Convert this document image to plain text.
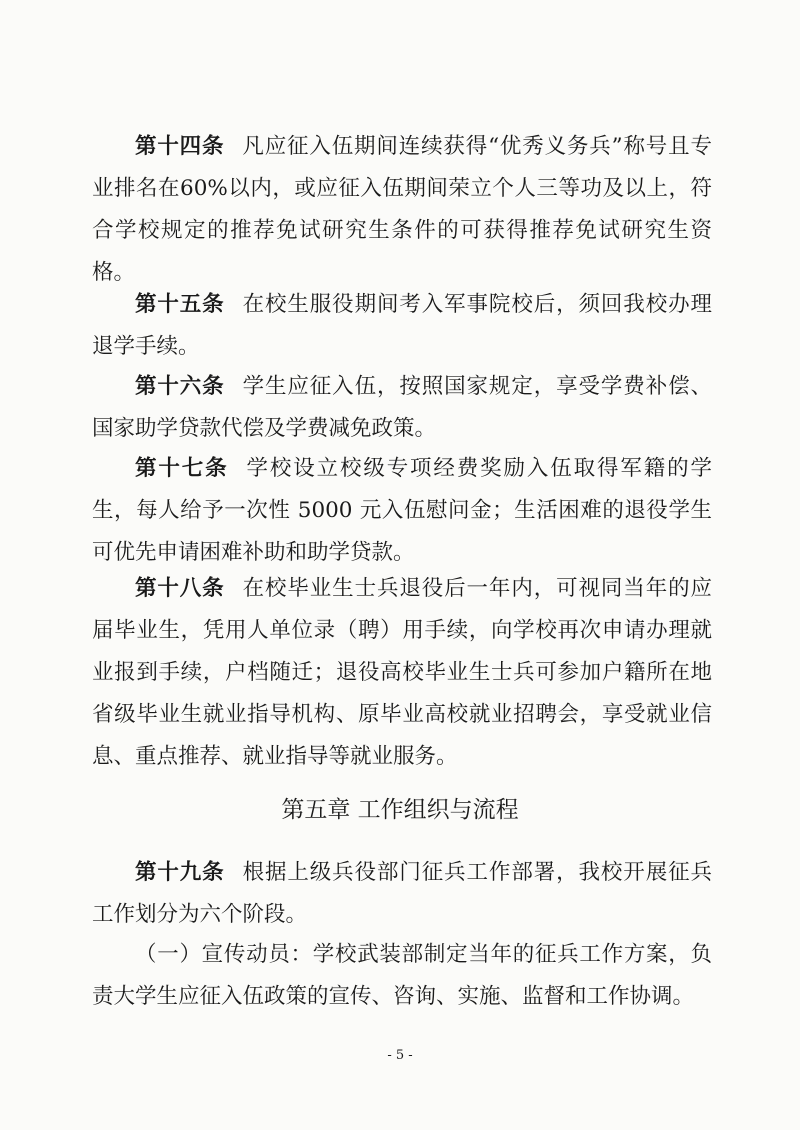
第十四条 凡应征入伍期间连续获得“优秀义务兵”称号且专业排名在60%以内，或应征入伍期间荣立个人三等功及以上，符合学校规定的推荐免试研究生条件的可获得推荐免试研究生资格。

第十五条 在校生服役期间考入军事院校后，须回我校办理退学手续。

第十六条 学生应征入伍，按照国家规定，享受学费补偿、国家助学贷款代偿及学费减免政策。

第十七条 学校设立校级专项经费奖励入伍取得军籍的学生，每人给予一次性 5000 元入伍慰问金；生活困难的退役学生可优先申请困难补助和助学贷款。

第十八条 在校毕业生士兵退役后一年内，可视同当年的应届毕业生，凭用人单位录（聘）用手续，向学校再次申请办理就业报到手续，户档随迁；退役高校毕业生士兵可参加户籍所在地省级毕业生就业指导机构、原毕业高校就业招聘会，享受就业信息、重点推荐、就业指导等就业服务。

第五章 工作组织与流程

第十九条 根据上级兵役部门征兵工作部署，我校开展征兵工作划分为六个阶段。

（一）宣传动员：学校武装部制定当年的征兵工作方案，负责大学生应征入伍政策的宣传、咨询、实施、监督和工作协调。

- 5 -
